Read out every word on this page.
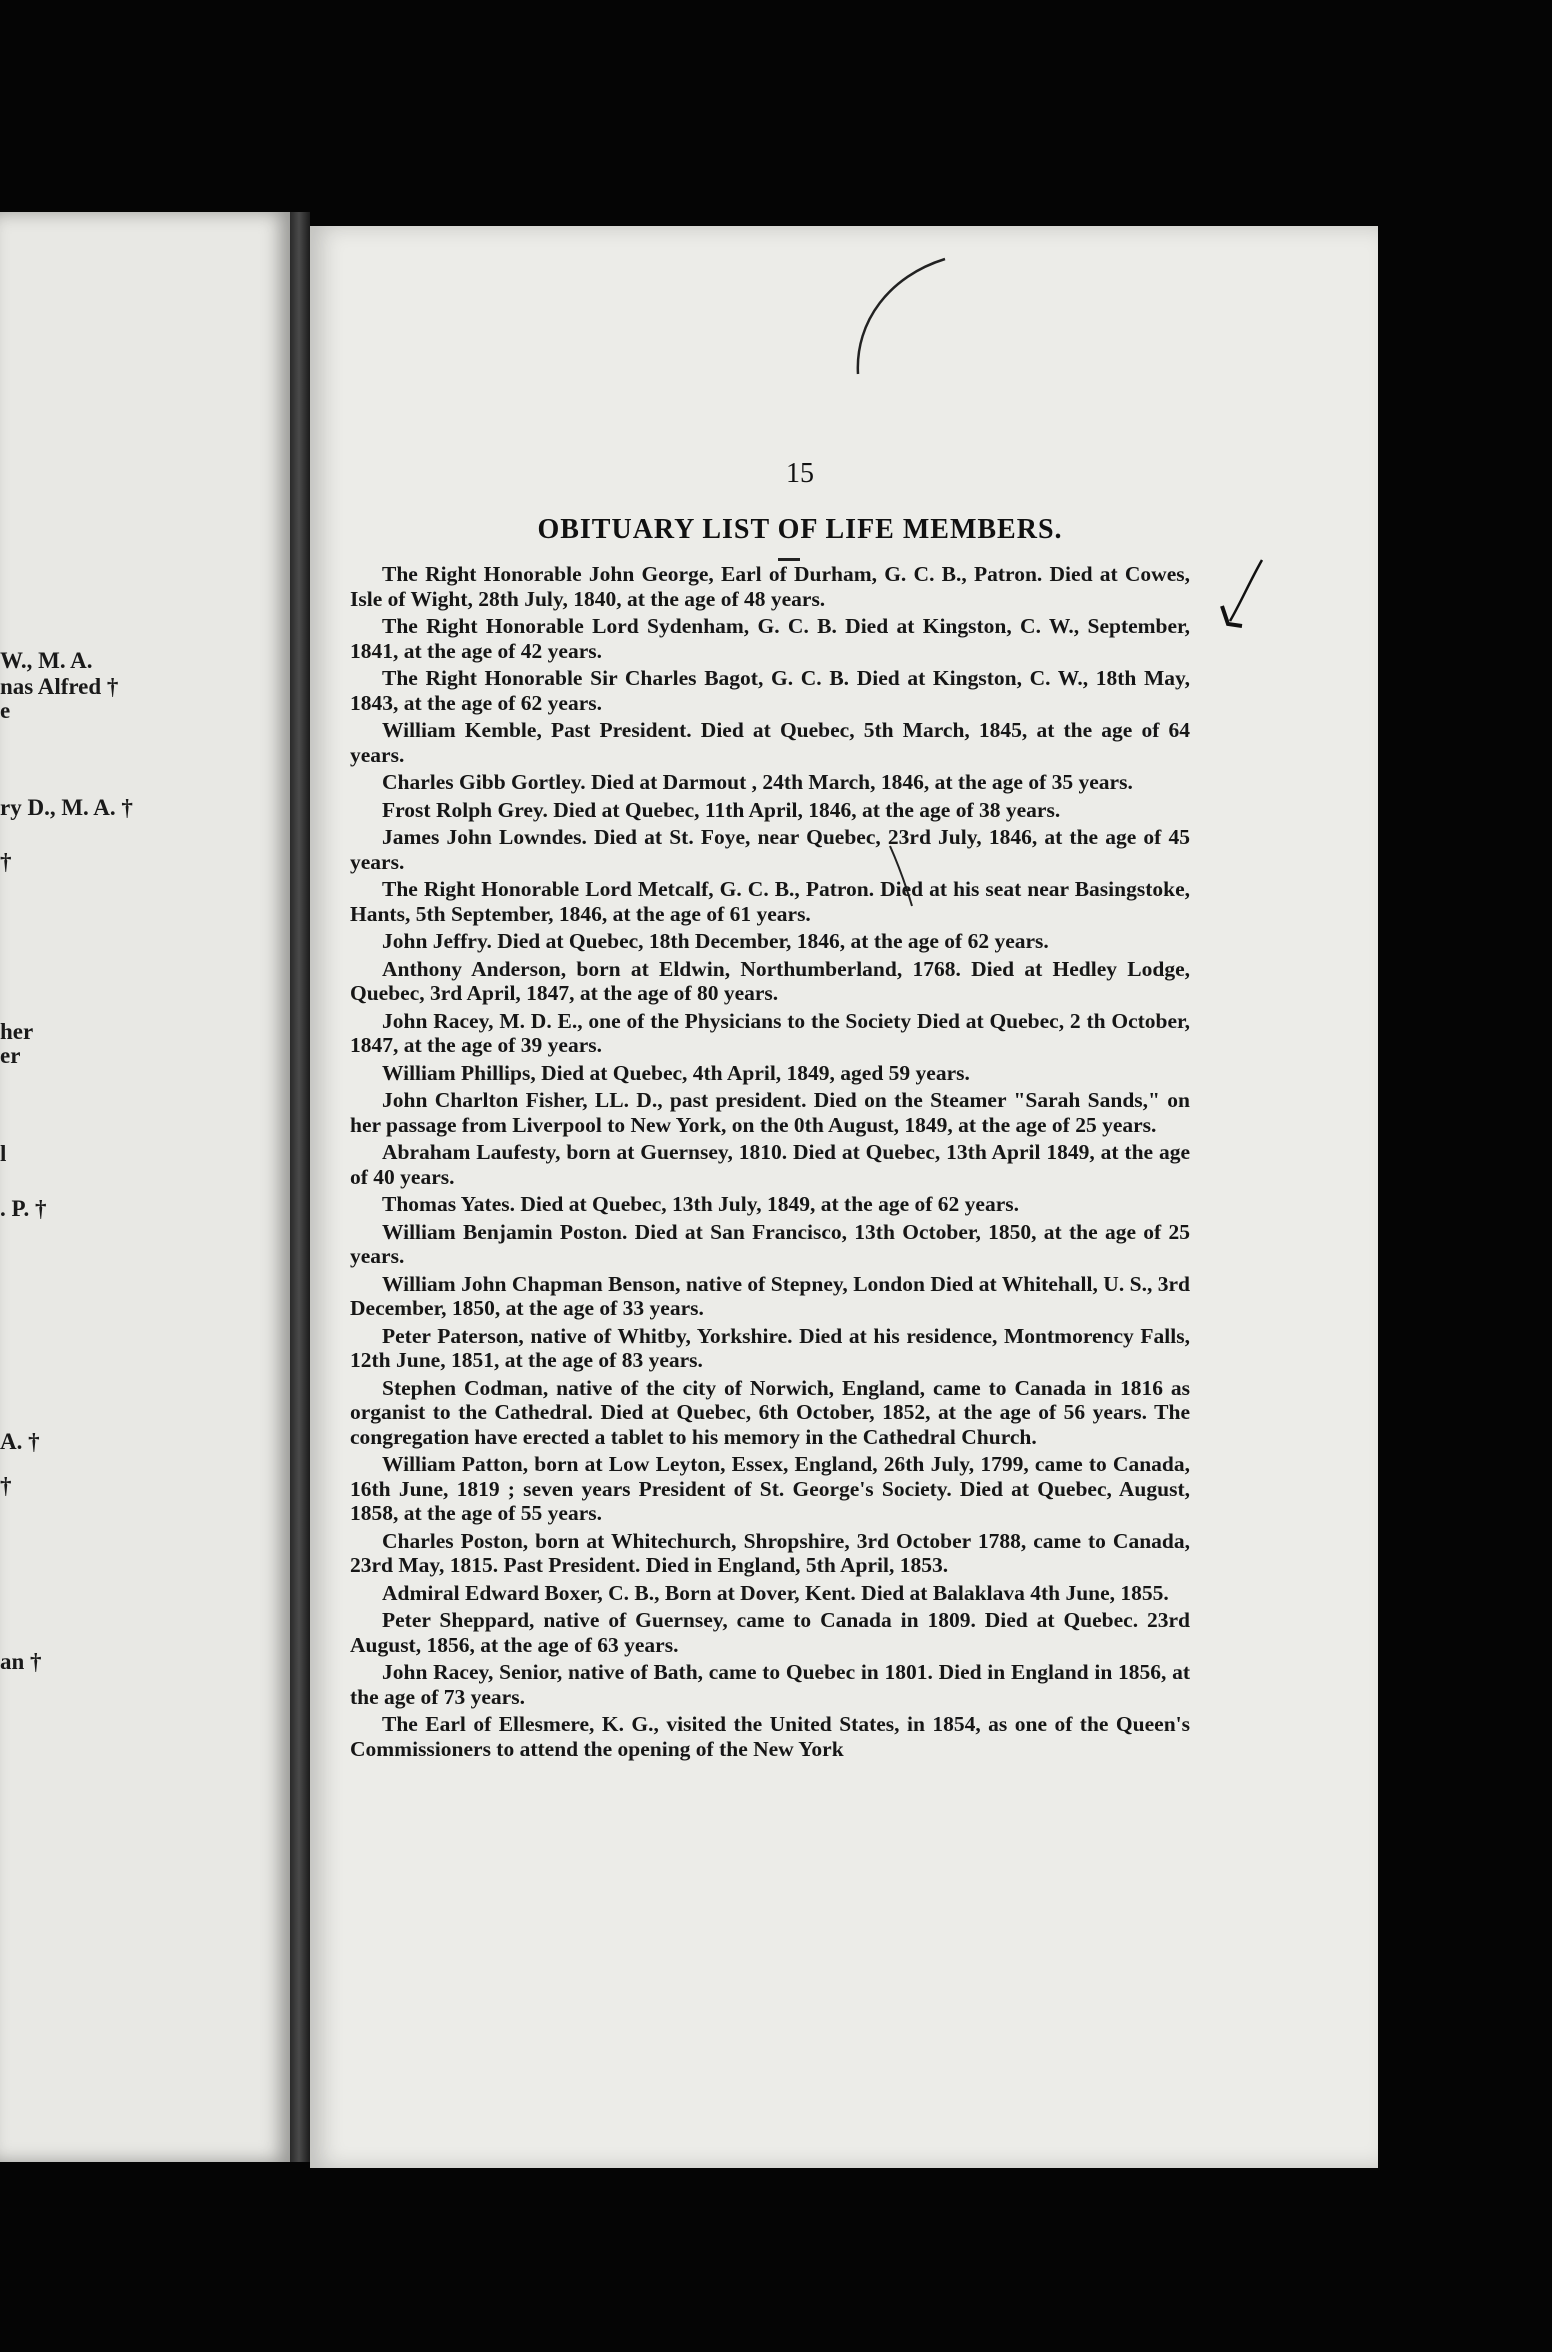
W., M. A.
nas Alfred †
e
ry D., M. A. †
†
her
er
l
. P. †
A. †
†
an †
15
OBITUARY LIST OF LIFE MEMBERS.

The Right Honorable John George, Earl of Durham, G. C. B., Patron. Died at Cowes, Isle of Wight, 28th July, 1840, at the age of 48 years.

The Right Honorable Lord Sydenham, G. C. B. Died at Kingston, C. W., September, 1841, at the age of 42 years.

The Right Honorable Sir Charles Bagot, G. C. B. Died at Kingston, C. W., 18th May, 1843, at the age of 62 years.

William Kemble, Past President. Died at Quebec, 5th March, 1845, at the age of 64 years.

Charles Gibb Gortley. Died at Darmout , 24th March, 1846, at the age of 35 years.

Frost Rolph Grey. Died at Quebec, 11th April, 1846, at the age of 38 years.

James John Lowndes. Died at St. Foye, near Quebec, 23rd July, 1846, at the age of 45 years.

The Right Honorable Lord Metcalf, G. C. B., Patron. Died at his seat near Basingstoke, Hants, 5th September, 1846, at the age of 61 years.

John Jeffry. Died at Quebec, 18th December, 1846, at the age of 62 years.

Anthony Anderson, born at Eldwin, Northumberland, 1768. Died at Hedley Lodge, Quebec, 3rd April, 1847, at the age of 80 years.

John Racey, M. D. E., one of the Physicians to the Society Died at Quebec, 2 th October, 1847, at the age of 39 years.

William Phillips, Died at Quebec, 4th April, 1849, aged 59 years.

John Charlton Fisher, LL. D., past president. Died on the Steamer "Sarah Sands," on her passage from Liverpool to New York, on the 0th August, 1849, at the age of 25 years.

Abraham Laufesty, born at Guernsey, 1810. Died at Quebec, 13th April 1849, at the age of 40 years.

Thomas Yates. Died at Quebec, 13th July, 1849, at the age of 62 years.

William Benjamin Poston. Died at San Francisco, 13th October, 1850, at the age of 25 years.

William John Chapman Benson, native of Stepney, London Died at Whitehall, U. S., 3rd December, 1850, at the age of 33 years.

Peter Paterson, native of Whitby, Yorkshire. Died at his residence, Montmorency Falls, 12th June, 1851, at the age of 83 years.

Stephen Codman, native of the city of Norwich, England, came to Canada in 1816 as organist to the Cathedral. Died at Quebec, 6th October, 1852, at the age of 56 years. The congregation have erected a tablet to his memory in the Cathedral Church.

William Patton, born at Low Leyton, Essex, England, 26th July, 1799, came to Canada, 16th June, 1819 ; seven years President of St. George's Society. Died at Quebec, August, 1858, at the age of 55 years.

Charles Poston, born at Whitechurch, Shropshire, 3rd October 1788, came to Canada, 23rd May, 1815. Past President. Died in England, 5th April, 1853.

Admiral Edward Boxer, C. B., Born at Dover, Kent. Died at Balaklava 4th June, 1855.

Peter Sheppard, native of Guernsey, came to Canada in 1809. Died at Quebec. 23rd August, 1856, at the age of 63 years.

John Racey, Senior, native of Bath, came to Quebec in 1801. Died in England in 1856, at the age of 73 years.

The Earl of Ellesmere, K. G., visited the United States, in 1854, as one of the Queen's Commissioners to attend the opening of the New York
